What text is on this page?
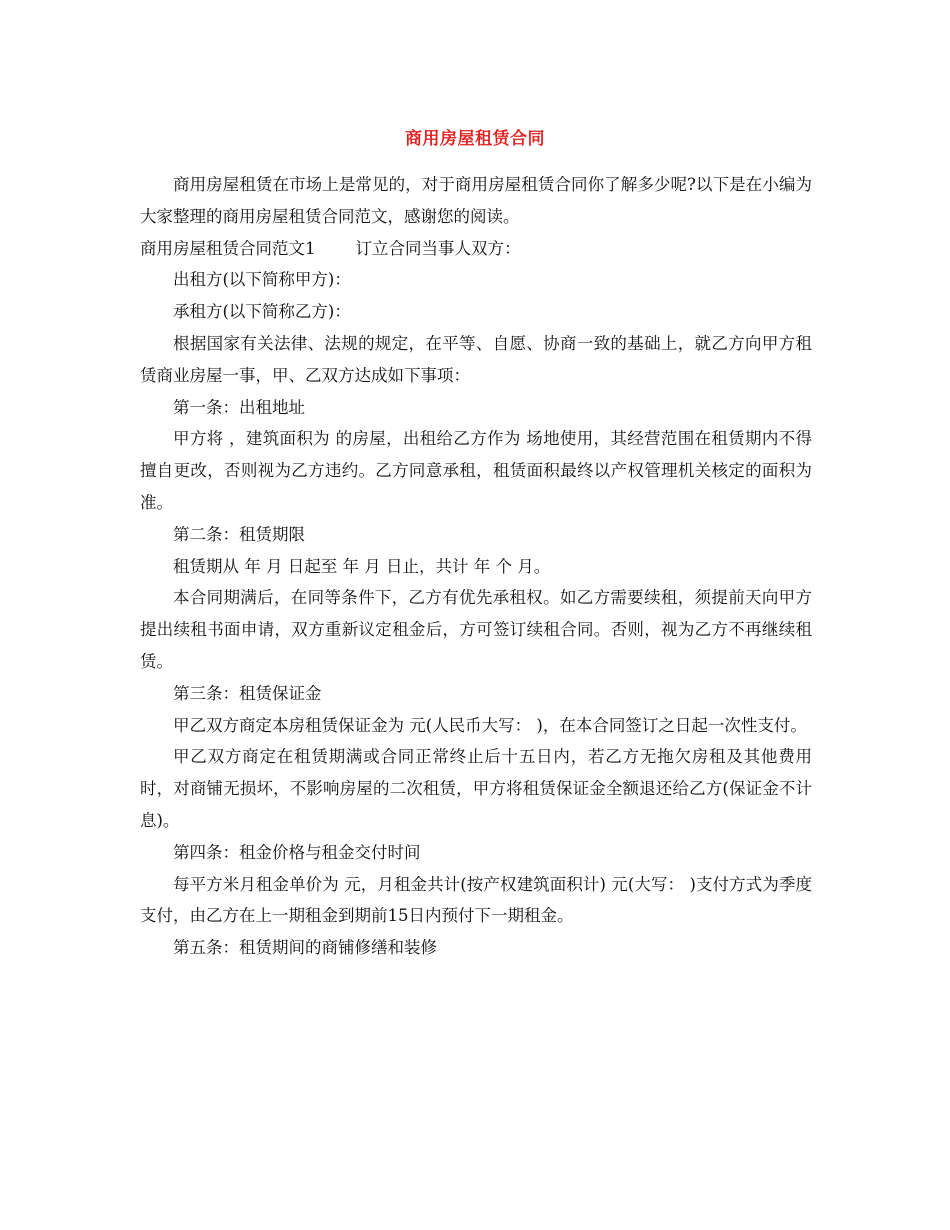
商用房屋租赁合同

商用房屋租赁在市场上是常见的，对于商用房屋租赁合同你了解多少呢?以下是在小编为大家整理的商用房屋租赁合同范文，感谢您的阅读。

商用房屋租赁合同范文1 订立合同当事人双方：

出租方(以下简称甲方)：

承租方(以下简称乙方)：

根据国家有关法律、法规的规定，在平等、自愿、协商一致的基础上，就乙方向甲方租赁商业房屋一事，甲、乙双方达成如下事项：

第一条：出租地址

甲方将 ，建筑面积为 的房屋，出租给乙方作为 场地使用，其经营范围在租赁期内不得擅自更改，否则视为乙方违约。乙方同意承租，租赁面积最终以产权管理机关核定的面积为准。

第二条：租赁期限

租赁期从 年 月 日起至 年 月 日止，共计 年 个 月。

本合同期满后，在同等条件下，乙方有优先承租权。如乙方需要续租，须提前天向甲方提出续租书面申请，双方重新议定租金后，方可签订续租合同。否则，视为乙方不再继续租赁。

第三条：租赁保证金

甲乙双方商定本房租赁保证金为 元(人民币大写： )，在本合同签订之日起一次性支付。

甲乙双方商定在租赁期满或合同正常终止后十五日内，若乙方无拖欠房租及其他费用时，对商铺无损坏，不影响房屋的二次租赁，甲方将租赁保证金全额退还给乙方(保证金不计息)。

第四条：租金价格与租金交付时间

每平方米月租金单价为 元，月租金共计(按产权建筑面积计) 元(大写： )支付方式为季度支付，由乙方在上一期租金到期前15日内预付下一期租金。

第五条：租赁期间的商铺修缮和装修
